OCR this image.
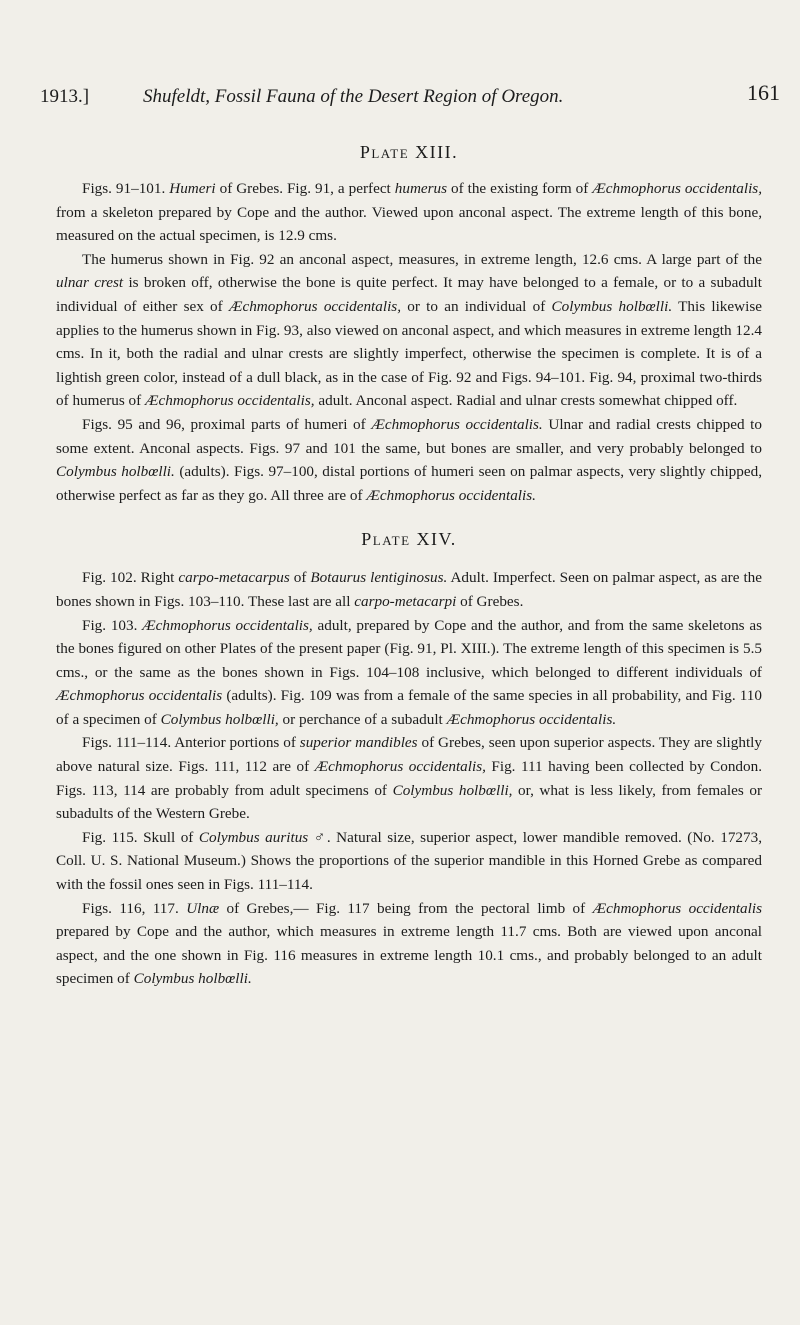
1913.]	Shufeldt, Fossil Fauna of the Desert Region of Oregon.	161
Plate XIII.

Figs. 91–101. Humeri of Grebes. Fig. 91, a perfect humerus of the existing form of Æchmophorus occidentalis, from a skeleton prepared by Cope and the author. Viewed upon anconal aspect. The extreme length of this bone, measured on the actual specimen, is 12.9 cms.

The humerus shown in Fig. 92 an anconal aspect, measures, in extreme length, 12.6 cms. A large part of the ulnar crest is broken off, otherwise the bone is quite perfect. It may have belonged to a female, or to a subadult individual of either sex of Æchmophorus occidentalis, or to an individual of Colymbus holbœlli. This likewise applies to the humerus shown in Fig. 93, also viewed on anconal aspect, and which measures in extreme length 12.4 cms. In it, both the radial and ulnar crests are slightly imperfect, otherwise the specimen is complete. It is of a lightish green color, instead of a dull black, as in the case of Fig. 92 and Figs. 94–101. Fig. 94, proximal two-thirds of humerus of Æchmophorus occidentalis, adult. Anconal aspect. Radial and ulnar crests somewhat chipped off.

Figs. 95 and 96, proximal parts of humeri of Æchmophorus occidentalis. Ulnar and radial crests chipped to some extent. Anconal aspects. Figs. 97 and 101 the same, but bones are smaller, and very probably belonged to Colymbus holbœlli. (adults). Figs. 97–100, distal portions of humeri seen on palmar aspects, very slightly chipped, otherwise perfect as far as they go. All three are of Æchmophorus occidentalis.

Plate XIV.

Fig. 102. Right carpo-metacarpus of Botaurus lentiginosus. Adult. Imperfect. Seen on palmar aspect, as are the bones shown in Figs. 103–110. These last are all carpo-metacarpi of Grebes.

Fig. 103. Æchmophorus occidentalis, adult, prepared by Cope and the author, and from the same skeletons as the bones figured on other Plates of the present paper (Fig. 91, Pl. XIII.). The extreme length of this specimen is 5.5 cms., or the same as the bones shown in Figs. 104–108 inclusive, which belonged to different individuals of Æchmophorus occidentalis (adults). Fig. 109 was from a female of the same species in all probability, and Fig. 110 of a specimen of Colymbus holbœlli, or perchance of a subadult Æchmophorus occidentalis.

Figs. 111–114. Anterior portions of superior mandibles of Grebes, seen upon superior aspects. They are slightly above natural size. Figs. 111, 112 are of Æchmophorus occidentalis, Fig. 111 having been collected by Condon. Figs. 113, 114 are probably from adult specimens of Colymbus holbœlli, or, what is less likely, from females or subadults of the Western Grebe.

Fig. 115. Skull of Colymbus auritus ♂. Natural size, superior aspect, lower mandible removed. (No. 17273, Coll. U. S. National Museum.) Shows the proportions of the superior mandible in this Horned Grebe as compared with the fossil ones seen in Figs. 111–114.

Figs. 116, 117. Ulnæ of Grebes,— Fig. 117 being from the pectoral limb of Æchmophorus occidentalis prepared by Cope and the author, which measures in extreme length 11.7 cms. Both are viewed upon anconal aspect, and the one shown in Fig. 116 measures in extreme length 10.1 cms., and probably belonged to an adult specimen of Colymbus holbœlli.
